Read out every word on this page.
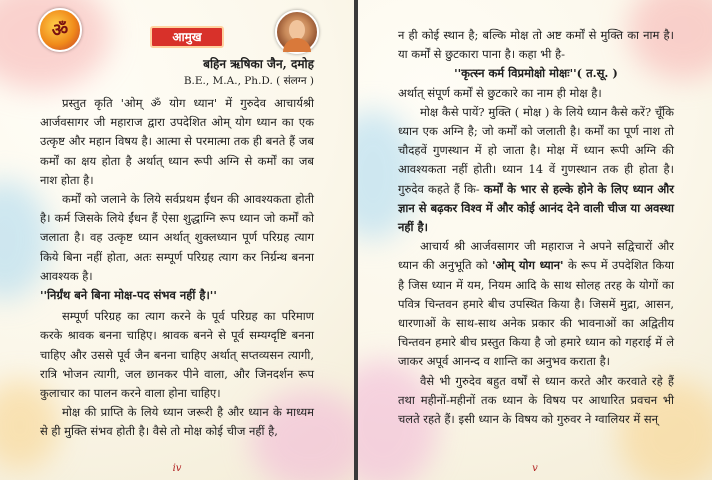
ॐ	आमुख
बहिन ऋषिका जैन, दमोह
B.E., M.A., Ph.D. ( संलग्न )

प्रस्तुत कृति 'ओम् ॐ योग ध्यान' में गुरुदेव आचार्यश्री आर्जवसागर जी महाराज द्वारा उपदेशित ओम् योग ध्यान का एक उत्कृष्ट और महान विषय है। आत्मा से परमात्मा तक ही बनते हैं जब कर्मों का क्षय होता है अर्थात् ध्यान रूपी अग्नि से कर्मों का जब नाश होता है।

कर्मों को जलाने के लिये सर्वप्रथम ईंधन की आवश्यकता होती है। कर्म जिसके लिये ईंधन हैं ऐसा शुद्धाग्नि रूप ध्यान जो कर्मों को जलाता है। वह उत्कृष्ट ध्यान अर्थात् शुक्लध्यान पूर्ण परिग्रह त्याग किये बिना नहीं होता, अतः सम्पूर्ण परिग्रह त्याग कर निर्ग्रन्थ बनना आवश्यक है।

''निर्ग्रंथ बने बिना मोक्ष-पद संभव नहीं है।''

सम्पूर्ण परिग्रह का त्याग करने के पूर्व परिग्रह का परिमाण करके श्रावक बनना चाहिए। श्रावक बनने से पूर्व सम्यग्दृष्टि बनना चाहिए और उससे पूर्व जैन बनना चाहिए अर्थात् सप्तव्यसन त्यागी, रात्रि भोजन त्यागी, जल छानकर पीने वाला, और जिनदर्शन रूप कुलाचार का पालन करने वाला होना चाहिए।

मोक्ष की प्राप्ति के लिये ध्यान जरूरी है और ध्यान के माध्यम से ही मुक्ति संभव होती है। वैसे तो मोक्ष कोई चीज नहीं है,

iv

न ही कोई स्थान है; बल्कि मोक्ष तो अष्ट कर्मों से मुक्ति का नाम है। या कर्मों से छुटकारा पाना है। कहा भी है-

''कृत्स्न कर्म विप्रमोक्षो मोक्षः''( त.सू. )

अर्थात् संपूर्ण कर्मों से छुटकारे का नाम ही मोक्ष है।

मोक्ष कैसे पायें? मुक्ति ( मोक्ष ) के लिये ध्यान कैसे करें? चूँकि ध्यान एक अग्नि है; जो कर्मों को जलाती है। कर्मों का पूर्ण नाश तो चौदहवें गुणस्थान में हो जाता है। मोक्ष में ध्यान रूपी अग्नि की आवश्यकता नहीं होती। ध्यान 14 वें गुणस्थान तक ही होता है। गुरुदेव कहते हैं कि- कर्मों के भार से हल्के होने के लिए ध्यान और ज्ञान से बढ़कर विश्व में और कोई आनंद देने वाली चीज या अवस्था नहीं है।

आचार्य श्री आर्जवसागर जी महाराज ने अपने सद्विचारों और ध्यान की अनुभूति को 'ओम् योग ध्यान' के रूप में उपदेशित किया है जिस ध्यान में यम, नियम आदि के साथ सोलह तरह के योगों का पवित्र चिन्तवन हमारे बीच उपस्थित किया है। जिसमें मुद्रा, आसन, धारणाओं के साथ-साथ अनेक प्रकार की भावनाओं का अद्वितीय चिन्तवन हमारे बीच प्रस्तुत किया है जो हमारे ध्यान को गहराई में ले जाकर अपूर्व आनन्द व शान्ति का अनुभव कराता है।

वैसे भी गुरुदेव बहुत वर्षों से ध्यान करते और करवाते रहे हैं तथा महीनों-महीनों तक ध्यान के विषय पर आधारित प्रवचन भी चलते रहते हैं। इसी ध्यान के विषय को गुरुवर ने ग्वालियर में सन्

v
